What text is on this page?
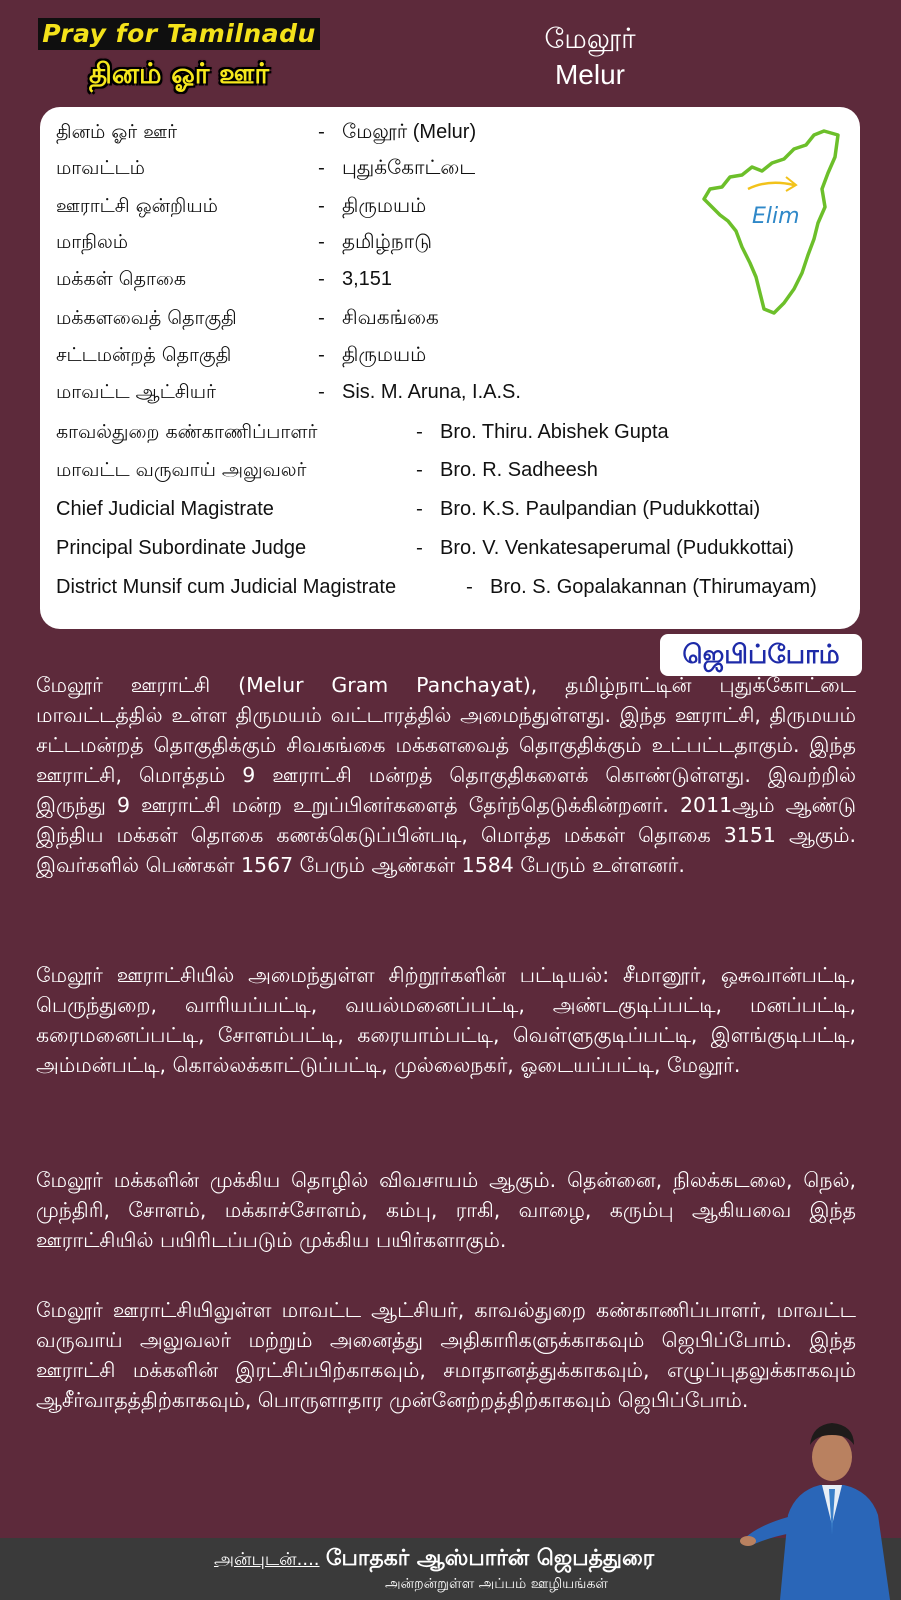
Pray for Tamilnadu
தினம் ஓர் ஊர்
மேலூர்
Melur
தினம் ஓர் ஊர்	- மேலூர் (Melur)
மாவட்டம்	- புதுக்கோட்டை
ஊராட்சி ஒன்றியம்	- திருமயம்
மாநிலம்	- தமிழ்நாடு
மக்கள் தொகை	- 3,151
மக்களவைத் தொகுதி	- சிவகங்கை
சட்டமன்றத் தொகுதி	- திருமயம்
மாவட்ட ஆட்சியர்	- Sis. M. Aruna, I.A.S.
காவல்துறை கண்காணிப்பாளர்	- Bro. Thiru. Abishek Gupta
மாவட்ட வருவாய் அலுவலர்	- Bro. R. Sadheesh
Chief Judicial Magistrate	- Bro. K.S. Paulpandian (Pudukkottai)
Principal Subordinate Judge	- Bro. V. Venkatesaperumal (Pudukkottai)
District Munsif cum Judicial Magistrate	- Bro. S. Gopalakannan (Thirumayam)
Elim
ஜெபிப்போம்

மேலூர் ஊராட்சி (Melur Gram Panchayat), தமிழ்நாட்டின் புதுக்கோட்டை மாவட்டத்தில் உள்ள திருமயம் வட்டாரத்தில் அமைந்துள்ளது. இந்த ஊராட்சி, திருமயம் சட்டமன்றத் தொகுதிக்கும் சிவகங்கை மக்களவைத் தொகுதிக்கும் உட்பட்டதாகும். இந்த ஊராட்சி, மொத்தம் 9 ஊராட்சி மன்றத் தொகுதிகளைக் கொண்டுள்ளது. இவற்றில் இருந்து 9 ஊராட்சி மன்ற உறுப்பினர்களைத் தேர்ந்தெடுக்கின்றனர். 2011ஆம் ஆண்டு இந்திய மக்கள் தொகை கணக்கெடுப்பின்படி, மொத்த மக்கள் தொகை 3151 ஆகும். இவர்களில் பெண்கள் 1567 பேரும் ஆண்கள் 1584 பேரும் உள்ளனர்.

மேலூர் ஊராட்சியில் அமைந்துள்ள சிற்றூர்களின் பட்டியல்: சீமானூர், ஒசுவான்பட்டி, பெருந்துறை, வாரியப்பட்டி, வயல்மனைப்பட்டி, அண்டகுடிப்பட்டி, மனப்பட்டி, கரைமனைப்பட்டி, சோளம்பட்டி, கரையாம்பட்டி, வெள்ளுகுடிப்பட்டி, இளங்குடிபட்டி, அம்மன்பட்டி, கொல்லக்காட்டுப்பட்டி, முல்லைநகர், ஓடையப்பட்டி, மேலூர்.

மேலூர் மக்களின் முக்கிய தொழில் விவசாயம் ஆகும். தென்னை, நிலக்கடலை, நெல், முந்திரி, சோளம், மக்காச்சோளம், கம்பு, ராகி, வாழை, கரும்பு ஆகியவை இந்த ஊராட்சியில் பயிரிடப்படும் முக்கிய பயிர்களாகும்.

மேலூர் ஊராட்சியிலுள்ள மாவட்ட ஆட்சியர், காவல்துறை கண்காணிப்பாளர், மாவட்ட வருவாய் அலுவலர் மற்றும் அனைத்து அதிகாரிகளுக்காகவும் ஜெபிப்போம். இந்த ஊராட்சி மக்களின் இரட்சிப்பிற்காகவும், சமாதானத்துக்காகவும், எழுப்புதலுக்காகவும் ஆசீர்வாதத்திற்காகவும், பொருளாதார முன்னேற்றத்திற்காகவும் ஜெபிப்போம்.

அன்புடன்.... போதகர் ஆஸ்பார்ன் ஜெபத்துரை
அன்றன்றுள்ள அப்பம் ஊழியங்கள்
